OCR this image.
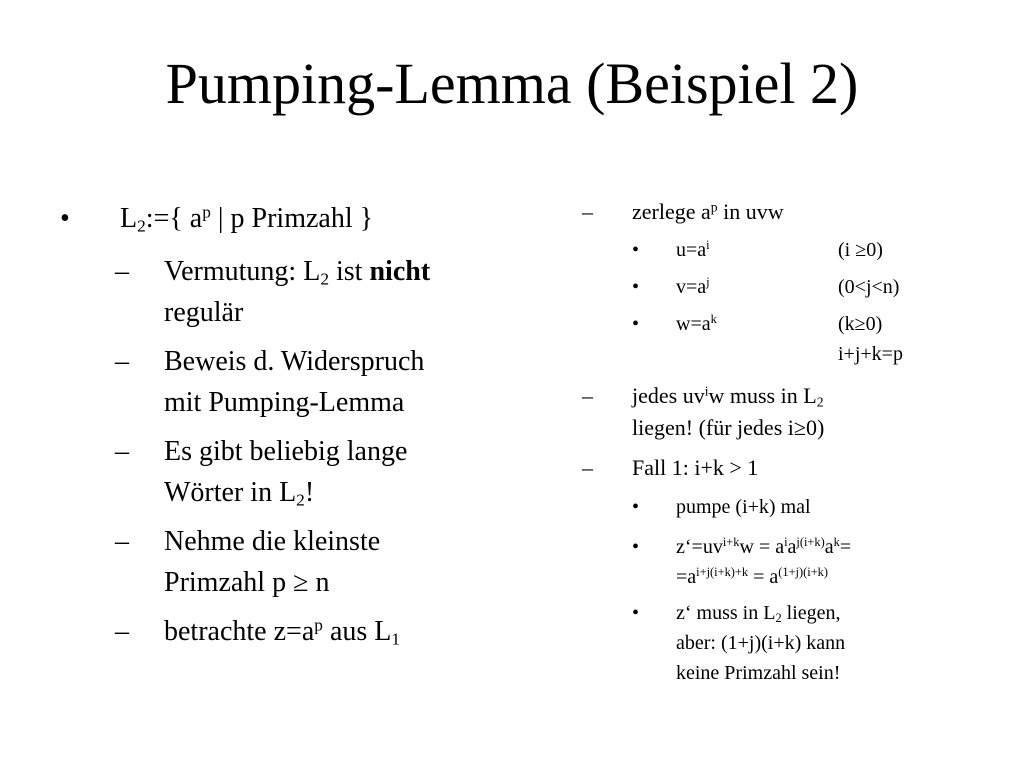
Pumping-Lemma (Beispiel 2)
• $L_2:=${ $a^p$ | p Primzahl }
– Vermutung: $L_2$ ist nicht
regulär
– Beweis d. Widerspruch
mit Pumping-Lemma
– Es gibt beliebig lange
Wörter in $L_2$!
– Nehme die kleinste
Primzahl p ≥ n
– betrachte $z=a^p$ aus $L_1$
– zerlege $a^p$ in uvw
• $u=a^i$	(i ≥0)
• $v=a^j$	(0<j<n)
• $w=a^k$	(k≥0)
i+j+k=p
– jedes $uv^iw$ muss in $L_2$
liegen! (für jedes i≥0)
– Fall 1: i+k > 1
• pumpe (i+k) mal
• $z‘=uv^{i+k}w = a^ia^{j(i+k)}a^k=$
$=a^{i+j(i+k)+k} = a^{(1+j)(i+k)}$
• z‘ muss in $L_2$ liegen,
aber: (1+j)(i+k) kann
keine Primzahl sein!
